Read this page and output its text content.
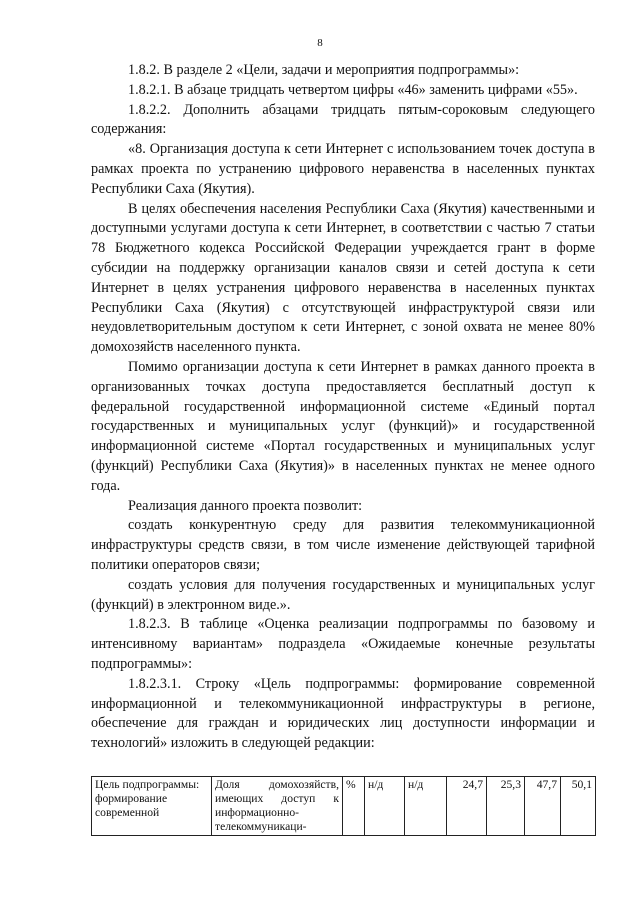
8

1.8.2. В разделе 2 «Цели, задачи и мероприятия подпрограммы»:

1.8.2.1. В абзаце тридцать четвертом цифры «46» заменить цифрами «55».

1.8.2.2. Дополнить абзацами тридцать пятым-сороковым следующего содержания:

«8. Организация доступа к сети Интернет с использованием точек доступа в рамках проекта по устранению цифрового неравенства в населенных пунктах Республики Саха (Якутия).

В целях обеспечения населения Республики Саха (Якутия) качественными и доступными услугами доступа к сети Интернет, в соответствии с частью 7 статьи 78 Бюджетного кодекса Российской Федерации учреждается грант в форме субсидии на поддержку организации каналов связи и сетей доступа к сети Интернет в целях устранения цифрового неравенства в населенных пунктах Республики Саха (Якутия) с отсутствующей инфраструктурой связи или неудовлетворительным доступом к сети Интернет, с зоной охвата не менее 80% домохозяйств населенного пункта.

Помимо организации доступа к сети Интернет в рамках данного проекта в организованных точках доступа предоставляется бесплатный доступ к федеральной государственной информационной системе «Единый портал государственных и муниципальных услуг (функций)» и государственной информационной системе «Портал государственных и муниципальных услуг (функций) Республики Саха (Якутия)» в населенных пунктах не менее одного года.

Реализация данного проекта позволит:

создать конкурентную среду для развития телекоммуникационной инфраструктуры средств связи, в том числе изменение действующей тарифной политики операторов связи;

создать условия для получения государственных и муниципальных услуг (функций) в электронном виде.».

1.8.2.3. В таблице «Оценка реализации подпрограммы по базовому и интенсивному вариантам» подраздела «Ожидаемые конечные результаты подпрограммы»:

1.8.2.3.1. Строку «Цель подпрограммы: формирование современной информационной и телекоммуникационной инфраструктуры в регионе, обеспечение для граждан и юридических лиц доступности информации и технологий» изложить в следующей редакции:

Цель подпрограммы: формирование современной	Доля домохозяйств, имеющих доступ к информационно-телекоммуникаци-	%	н/д	н/д	24,7	25,3	47,7	50,1
